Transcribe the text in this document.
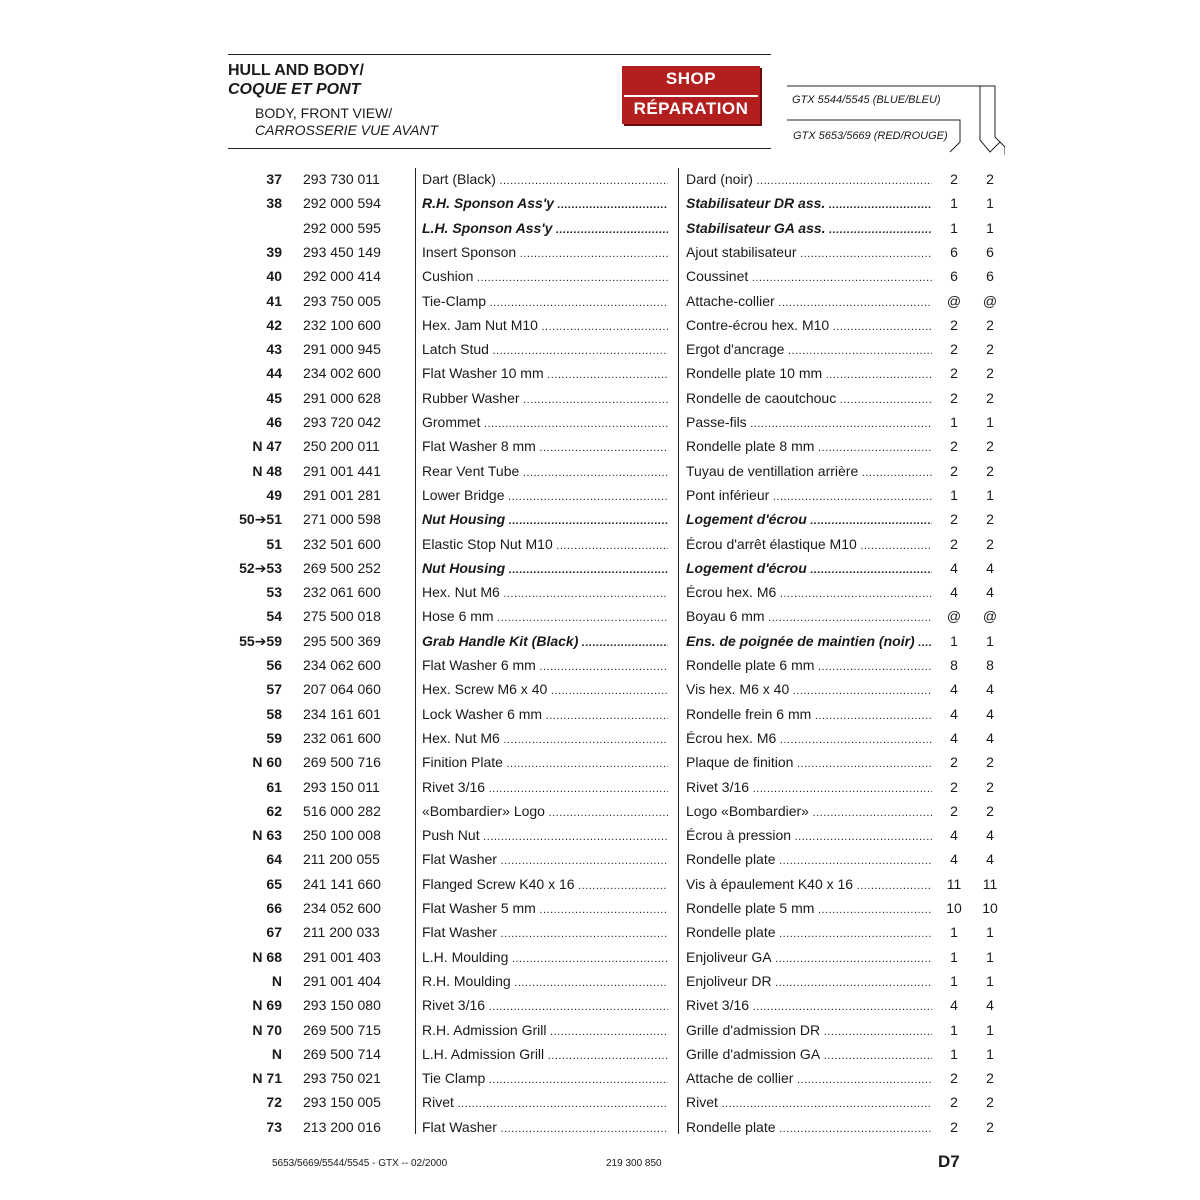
HULL AND BODY/
COQUE ET PONT
BODY, FRONT VIEW/
CARROSSERIE VUE AVANT
SHOP
RÉPARATION	GTX 5544/5545 (BLUE/BLEU)
GTX 5653/5669 (RED/ROUGE)
37 293 730 011	Dart (Black) .....	Dard (noir) .....	2	2
38 292 000 594	R.H. Sponson Ass'y .....	Stabilisateur DR ass. .....	1	1
292 000 595	L.H. Sponson Ass'y .....	Stabilisateur GA ass. .....	1	1
39 293 450 149	Insert Sponson .....	Ajout stabilisateur .....	6	6
40 292 000 414	Cushion .....	Coussinet .....	6	6
41 293 750 005	Tie-Clamp .....	Attache-collier .....	@	@
42 232 100 600	Hex. Jam Nut M10 .....	Contre-écrou hex. M10 .....	2	2
43 291 000 945	Latch Stud .....	Ergot d'ancrage .....	2	2
44 234 002 600	Flat Washer 10 mm .....	Rondelle plate 10 mm .....	2	2
45 291 000 628	Rubber Washer .....	Rondelle de caoutchouc .....	2	2
46 293 720 042	Grommet .....	Passe-fils .....	1	1
N 47 250 200 011	Flat Washer 8 mm .....	Rondelle plate 8 mm .....	2	2
N 48 291 001 441	Rear Vent Tube .....	Tuyau de ventillation arrière .....	2	2
49 291 001 281	Lower Bridge .....	Pont inférieur .....	1	1
50➔51 271 000 598	Nut Housing .....	Logement d'écrou .....	2	2
51 232 501 600	Elastic Stop Nut M10 .....	Écrou d'arrêt élastique M10 .....	2	2
52➔53 269 500 252	Nut Housing .....	Logement d'écrou .....	4	4
53 232 061 600	Hex. Nut M6 .....	Écrou hex. M6 .....	4	4
54 275 500 018	Hose 6 mm .....	Boyau 6 mm .....	@	@
55➔59 295 500 369	Grab Handle Kit (Black) .....	Ens. de poignée de maintien (noir) .....	1	1
56 234 062 600	Flat Washer 6 mm .....	Rondelle plate 6 mm .....	8	8
57 207 064 060	Hex. Screw M6 x 40 .....	Vis hex. M6 x 40 .....	4	4
58 234 161 601	Lock Washer 6 mm .....	Rondelle frein 6 mm .....	4	4
59 232 061 600	Hex. Nut M6 .....	Écrou hex. M6 .....	4	4
N 60 269 500 716	Finition Plate .....	Plaque de finition .....	2	2
61 293 150 011	Rivet 3/16 .....	Rivet 3/16 .....	2	2
62 516 000 282	«Bombardier» Logo .....	Logo «Bombardier» .....	2	2
N 63 250 100 008	Push Nut .....	Écrou à pression .....	4	4
64 211 200 055	Flat Washer .....	Rondelle plate .....	4	4
65 241 141 660	Flanged Screw K40 x 16 .....	Vis à épaulement K40 x 16 .....	11	11
66 234 052 600	Flat Washer 5 mm .....	Rondelle plate 5 mm .....	10	10
67 211 200 033	Flat Washer .....	Rondelle plate .....	1	1
N 68 291 001 403	L.H. Moulding .....	Enjoliveur GA .....	1	1
N 291 001 404	R.H. Moulding .....	Enjoliveur DR .....	1	1
N 69 293 150 080	Rivet 3/16 .....	Rivet 3/16 .....	4	4
N 70 269 500 715	R.H. Admission Grill .....	Grille d'admission DR .....	1	1
N 269 500 714	L.H. Admission Grill .....	Grille d'admission GA .....	1	1
N 71 293 750 021	Tie Clamp .....	Attache de collier .....	2	2
72 293 150 005	Rivet .....	Rivet .....	2	2
73 213 200 016	Flat Washer .....	Rondelle plate .....	2	2
5653/5669/5544/5545 - GTX -- 02/2000	219 300 850	D7
